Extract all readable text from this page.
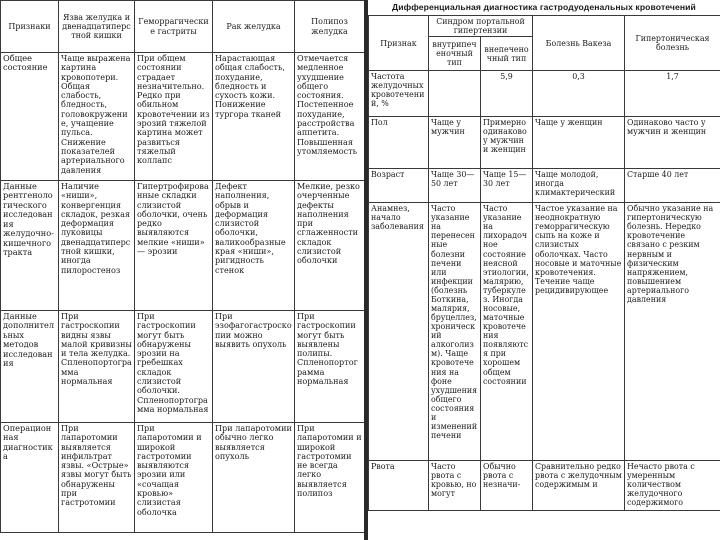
Признаки	Язва желудка и двенадцатиперстной кишки	Геморрагические гастриты	Рак желудка	Полипоз желудка
Общее состояние	Чаще выражена картина кровопотери. Общая слабость, бледность, головокружение, учащение пульса. Снижение показателей артериального давления	При общем состоянии страдает незначительно. Редко при обильном кровотечении из эрозий тяжелой картина может развиться тяжелый коллапс	Нарастающая общая слабость, похудание, бледность и сухость кожи. Понижение тургора тканей	Отмечается медленное ухудшение общего состояния. Постепенное похудание, расстройства аппетита. Повышенная утомляемость
Данные рентгенологического исследования желудочно-кишечного тракта	Наличие «ниши», конвергенция складок, резкая деформация луковицы двенадцатиперстной кишки, иногда пилоростеноз	Гипертрофированные складки слизистой оболочки, очень редко выявляются мелкие «ниши» — эрозии	Дефект наполнения, обрыв и деформация слизистой оболочки, валикообразные края «ниши», ригидность стенок	Мелкие, резко очерченные дефекты наполнения при сглаженности складок слизистой оболочки
Данные дополнительных методов исследования	При гастроскопии видны язвы малой кривизны и тела желудка. Спленопортограмма нормальная	При гастроскопии могут быть обнаружены эрозии на гребешках складок слизистой оболочки. Спленопортограмма нормальная	При эзофагогастроскопии можно выявить опухоль	При гастроскопии могут быть выявлены полипы. Спленопортограмма нормальная
Операционная диагностика	При лапаротомии выявляется инфильтрат язвы. «Острые» язвы могут быть обнаружены при гастротомии	При лапаротомии и широкой гастротомии выявляются эрозии или «сочащая кровью» слизистая оболочка	При лапаротомии обычно легко выявляется опухоль	При лапаротомии и широкой гастротомии не всегда легко выявляется полипоз
Дифференциальная диагностика гастродуоденальных кровотечений
Признак	Синдром портальной гипертензии		Болезнь Вакеза	Гипертоническая болезнь
	внутрипеченочный тип	внепеченочный тип		
Частота желудочных кровотечений, %		5,9	0,3	1,7
Пол	Чаще у мужчин	Примерно одинаково у мужчин и женщин	Чаще у женщин	Одинаково часто у мужчин и женщин
Возраст	Чаще 30—50 лет	Чаще 15—30 лет	Чаще молодой, иногда климактерический	Старше 40 лет
Анамнез, начало заболевания	Часто указание на перенесенные болезни печени или инфекции (болезнь Боткина, малярия, бруцеллез, хронический алкоголизм). Чаще кровотечения на фоне ухудшения общего состояния и изменений печени	Часто указание на лихорадочное состояние неясной этиологии, малярию, туберкулез. Иногда носовые, маточные кровотечения появляются при хорошем общем состоянии	Частое указание на неоднократную геморрагическую сыпь на коже и слизистых оболочках. Часто носовые и маточные кровотечения. Течение чаще рецидивирующее	Обычно указание на гипертоническую болезнь. Нередко кровотечение связано с резким нервным и физическим напряжением, повышением артериального давления
Рвота	Часто рвота с кровью, но могут	Обычно рвота с незначи-	Сравнительно редко рвота с желудочным содержимым и	Нечасто рвота с умеренным количеством желудочного содержимого
